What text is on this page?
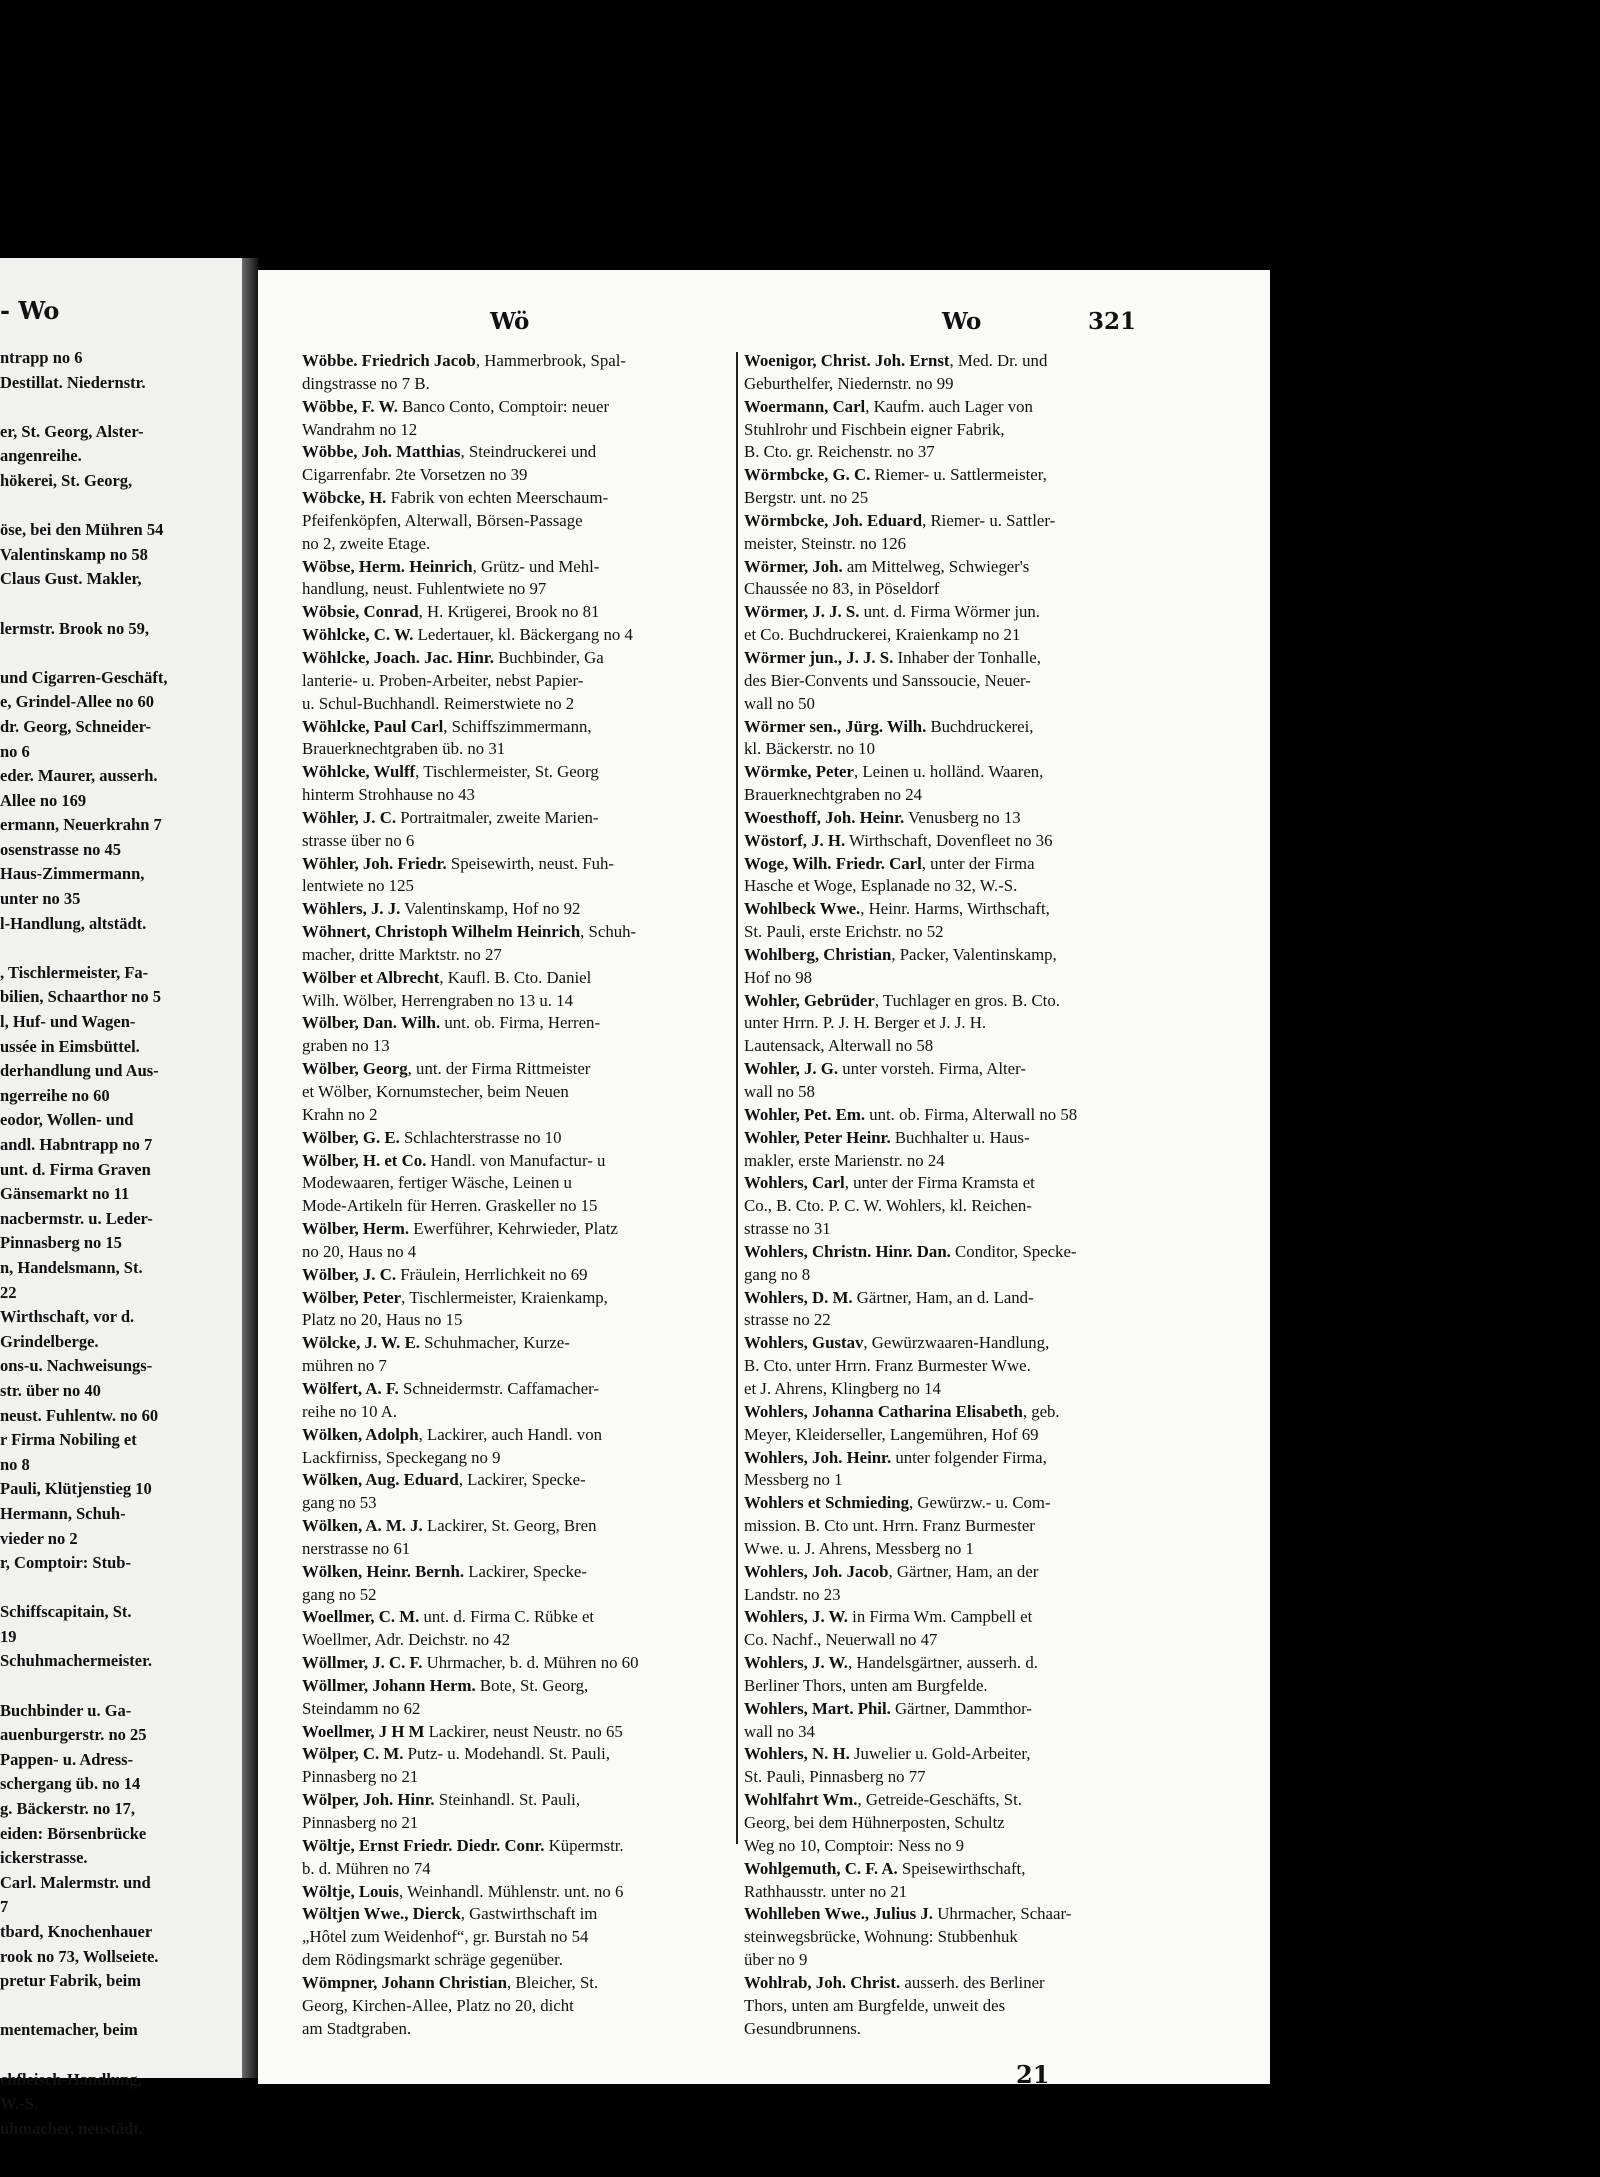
- Wo
ntrapp no 6
Destillat. Niedernstr.

er, St. Georg, Alster-
angenreihe.
hökerei, St. Georg,

öse, bei den Mühren 54
Valentinskamp no 58
Claus Gust. Makler,

lermstr. Brook no 59,

und Cigarren-Geschäft,
e, Grindel-Allee no 60
dr. Georg, Schneider-
no 6
eder. Maurer, ausserh.
Allee no 169
ermann, Neuerkrahn 7
osenstrasse no 45
Haus-Zimmermann,
unter no 35
l-Handlung, altstädt.

, Tischlermeister, Fa-
bilien, Schaarthor no 5
l, Huf- und Wagen-
ussée in Eimsbüttel.
derhandlung und Aus-
ngerreihe no 60
eodor, Wollen- und
andl. Habntrapp no 7
unt. d. Firma Graven
Gänsemarkt no 11
nacbermstr. u. Leder-
Pinnasberg no 15
n, Handelsmann, St.
22
Wirthschaft, vor d.
Grindelberge.
ons-u. Nachweisungs-
str. über no 40
neust. Fuhlentw. no 60
r Firma Nobiling et
no 8
Pauli, Klütjenstieg 10
Hermann, Schuh-
vieder no 2
r, Comptoir: Stub-

Schiffscapitain, St.
19
Schuhmachermeister.

Buchbinder u. Ga-
auenburgerstr. no 25
Pappen- u. Adress-
schergang üb. no 14
g. Bäckerstr. no 17,
eiden: Börsenbrücke
ickerstrasse.
Carl. Malermstr. und
7
tbard, Knochenhauer
rook no 73, Wollseiete.
pretur Fabrik, beim

mentemacher, beim

chfleisch-Handlung,
W.-S.
uhmacher, neustädt.
Wö	Wo	321
Wöbbe. Friedrich Jacob, Hammerbrook, Spal-
dingstrasse no 7 B.
Wöbbe, F. W. Banco Conto, Comptoir: neuer
Wandrahm no 12
Wöbbe, Joh. Matthias, Steindruckerei und
Cigarrenfabr. 2te Vorsetzen no 39
Wöbcke, H. Fabrik von echten Meerschaum-
Pfeifenköpfen, Alterwall, Börsen-Passage
no 2, zweite Etage.
Wöbse, Herm. Heinrich, Grütz- und Mehl-
handlung, neust. Fuhlentwiete no 97
Wöbsie, Conrad, H. Krügerei, Brook no 81
Wöhlcke, C. W. Ledertauer, kl. Bäckergang no 4
Wöhlcke, Joach. Jac. Hinr. Buchbinder, Ga
lanterie- u. Proben-Arbeiter, nebst Papier-
u. Schul-Buchhandl. Reimerstwiete no 2
Wöhlcke, Paul Carl, Schiffszimmermann,
Brauerknechtgraben üb. no 31
Wöhlcke, Wulff, Tischlermeister, St. Georg
hinterm Strohhause no 43
Wöhler, J. C. Portraitmaler, zweite Marien-
strasse über no 6
Wöhler, Joh. Friedr. Speisewirth, neust. Fuh-
lentwiete no 125
Wöhlers, J. J. Valentinskamp, Hof no 92
Wöhnert, Christoph Wilhelm Heinrich, Schuh-
macher, dritte Marktstr. no 27
Wölber et Albrecht, Kaufl. B. Cto. Daniel
Wilh. Wölber, Herrengraben no 13 u. 14
Wölber, Dan. Wilh. unt. ob. Firma, Herren-
graben no 13
Wölber, Georg, unt. der Firma Rittmeister
et Wölber, Kornumstecher, beim Neuen
Krahn no 2
Wölber, G. E. Schlachterstrasse no 10
Wölber, H. et Co. Handl. von Manufactur- u
Modewaaren, fertiger Wäsche, Leinen u
Mode-Artikeln für Herren. Graskeller no 15
Wölber, Herm. Ewerführer, Kehrwieder, Platz
no 20, Haus no 4
Wölber, J. C. Fräulein, Herrlichkeit no 69
Wölber, Peter, Tischlermeister, Kraienkamp,
Platz no 20, Haus no 15
Wölcke, J. W. E. Schuhmacher, Kurze-
mühren no 7
Wölfert, A. F. Schneidermstr. Caffamacher-
reihe no 10 A.
Wölken, Adolph, Lackirer, auch Handl. von
Lackfirniss, Speckegang no 9
Wölken, Aug. Eduard, Lackirer, Specke-
gang no 53
Wölken, A. M. J. Lackirer, St. Georg, Bren
nerstrasse no 61
Wölken, Heinr. Bernh. Lackirer, Specke-
gang no 52
Woellmer, C. M. unt. d. Firma C. Rübke et
Woellmer, Adr. Deichstr. no 42
Wöllmer, J. C. F. Uhrmacher, b. d. Mühren no 60
Wöllmer, Johann Herm. Bote, St. Georg,
Steindamm no 62
Woellmer, J H M Lackirer, neust Neustr. no 65
Wölper, C. M. Putz- u. Modehandl. St. Pauli,
Pinnasberg no 21
Wölper, Joh. Hinr. Steinhandl. St. Pauli,
Pinnasberg no 21
Wöltje, Ernst Friedr. Diedr. Conr. Küpermstr.
b. d. Mühren no 74
Wöltje, Louis, Weinhandl. Mühlenstr. unt. no 6
Wöltjen Wwe., Dierck, Gastwirthschaft im
„Hôtel zum Weidenhof“, gr. Burstah no 54
dem Rödingsmarkt schräge gegenüber.
Wömpner, Johann Christian, Bleicher, St.
Georg, Kirchen-Allee, Platz no 20, dicht
am Stadtgraben.
Woenigor, Christ. Joh. Ernst, Med. Dr. und
Geburthelfer, Niedernstr. no 99
Woermann, Carl, Kaufm. auch Lager von
Stuhlrohr und Fischbein eigner Fabrik,
B. Cto. gr. Reichenstr. no 37
Wörmbcke, G. C. Riemer- u. Sattlermeister,
Bergstr. unt. no 25
Wörmbcke, Joh. Eduard, Riemer- u. Sattler-
meister, Steinstr. no 126
Wörmer, Joh. am Mittelweg, Schwieger's
Chaussée no 83, in Pöseldorf
Wörmer, J. J. S. unt. d. Firma Wörmer jun.
et Co. Buchdruckerei, Kraienkamp no 21
Wörmer jun., J. J. S. Inhaber der Tonhalle,
des Bier-Convents und Sanssoucie, Neuer-
wall no 50
Wörmer sen., Jürg. Wilh. Buchdruckerei,
kl. Bäckerstr. no 10
Wörmke, Peter, Leinen u. holländ. Waaren,
Brauerknechtgraben no 24
Woesthoff, Joh. Heinr. Venusberg no 13
Wöstorf, J. H. Wirthschaft, Dovenfleet no 36
Woge, Wilh. Friedr. Carl, unter der Firma
Hasche et Woge, Esplanade no 32, W.-S.
Wohlbeck Wwe., Heinr. Harms, Wirthschaft,
St. Pauli, erste Erichstr. no 52
Wohlberg, Christian, Packer, Valentinskamp,
Hof no 98
Wohler, Gebrüder, Tuchlager en gros. B. Cto.
unter Hrrn. P. J. H. Berger et J. J. H.
Lautensack, Alterwall no 58
Wohler, J. G. unter vorsteh. Firma, Alter-
wall no 58
Wohler, Pet. Em. unt. ob. Firma, Alterwall no 58
Wohler, Peter Heinr. Buchhalter u. Haus-
makler, erste Marienstr. no 24
Wohlers, Carl, unter der Firma Kramsta et
Co., B. Cto. P. C. W. Wohlers, kl. Reichen-
strasse no 31
Wohlers, Christn. Hinr. Dan. Conditor, Specke-
gang no 8
Wohlers, D. M. Gärtner, Ham, an d. Land-
strasse no 22
Wohlers, Gustav, Gewürzwaaren-Handlung,
B. Cto. unter Hrrn. Franz Burmester Wwe.
et J. Ahrens, Klingberg no 14
Wohlers, Johanna Catharina Elisabeth, geb.
Meyer, Kleiderseller, Langemühren, Hof 69
Wohlers, Joh. Heinr. unter folgender Firma,
Messberg no 1
Wohlers et Schmieding, Gewürzw.- u. Com-
mission. B. Cto unt. Hrrn. Franz Burmester
Wwe. u. J. Ahrens, Messberg no 1
Wohlers, Joh. Jacob, Gärtner, Ham, an der
Landstr. no 23
Wohlers, J. W. in Firma Wm. Campbell et
Co. Nachf., Neuerwall no 47
Wohlers, J. W., Handelsgärtner, ausserh. d.
Berliner Thors, unten am Burgfelde.
Wohlers, Mart. Phil. Gärtner, Dammthor-
wall no 34
Wohlers, N. H. Juwelier u. Gold-Arbeiter,
St. Pauli, Pinnasberg no 77
Wohlfahrt Wm., Getreide-Geschäfts, St.
Georg, bei dem Hühnerposten, Schultz
Weg no 10, Comptoir: Ness no 9
Wohlgemuth, C. F. A. Speisewirthschaft,
Rathhausstr. unter no 21
Wohlleben Wwe., Julius J. Uhrmacher, Schaar-
steinwegsbrücke, Wohnung: Stubbenhuk
über no 9
Wohlrab, Joh. Christ. ausserh. des Berliner
Thors, unten am Burgfelde, unweit des
Gesundbrunnens.
21
